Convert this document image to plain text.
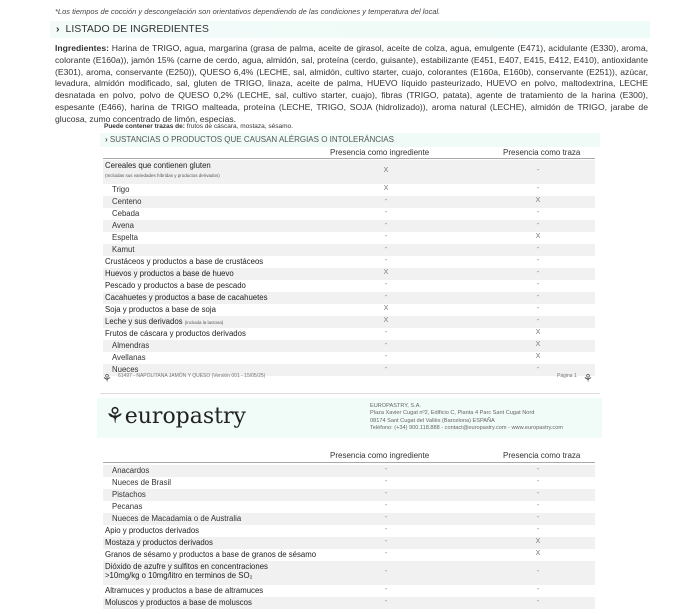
*Los tiempos de cocción y descongelación son orientativos dependiendo de las condiciones y temperatura del local.
› LISTADO DE INGREDIENTES
Ingredientes: Harina de TRIGO, agua, margarina (grasa de palma, aceite de girasol, aceite de colza, agua, emulgente (E471), acidulante (E330), aroma, colorante (E160a)), jamón 15% (carne de cerdo, agua, almidón, sal, proteína (cerdo, guisante), estabilizante (E451, E407, E415, E412, E410), antioxidante (E301), aroma, conservante (E250)), QUESO 6,4% (LECHE, sal, almidón, cultivo starter, cuajo, colorantes (E160a, E160b), conservante (E251)), azúcar, levadura, almidón modificado, sal, gluten de TRIGO, linaza, aceite de palma, HUEVO líquido pasteurizado, HUEVO en polvo, maltodextrina, LECHE desnatada en polvo, polvo de QUESO 0,2% (LECHE, sal, cultivo starter, cuajo), fibras (TRIGO, patata), agente de tratamiento de la harina (E300), espesante (E466), harina de TRIGO malteada, proteína (LECHE, TRIGO, SOJA (hidrolizado)), aroma natural (LECHE), almidón de TRIGO, jarabe de glucosa, zumo concentrado de limón, especias.
Puede contener trazas de: frutos de cáscara, mostaza, sésamo.
› SUSTANCIAS O PRODUCTOS QUE CAUSAN ALÉRGIAS O INTOLERÁNCIAS
Presencia como ingrediente	Presencia como traza
Cereales que contienen gluten
(Incluidas sus variedades híbridas y productos derivados)
X	-
Trigo	X	-
Centeno	-	X
Cebada	-	-
Avena	-	-
Espelta	-	X
Kamut	-	-
Crustáceos y productos a base de crustáceos	-	-
Huevos y productos a base de huevo	X	-
Pescado y productos a base de pescado	-	-
Cacahuetes y productos a base de cacahuetes	-	-
Soja y productos a base de soja	X	-
Leche y sus derivados (incluida la lactosa)	X	-
Frutos de cáscara y productos derivados	-	X
Almendras	-	X
Avellanas	-	X
Nueces	-	-
⚘ 61497 - NAPOLITANA JAMÓN Y QUESO (Versión 001 - 15/05/25)	Página 1 ⚘
⚘europastry	EUROPASTRY, S.A.
Plaza Xavier Cugat nº2, Edificio C, Planta 4 Parc Sant Cugat Nord
08174 Sant Cugat del Vallès (Barcelona) ESPAÑA
Teléfono: (+34) 900.118.888 - contact@europastry.com - www.europastry.com
Presencia como ingrediente	Presencia como traza
Anacardos	-	-
Nueces de Brasil	-	-
Pistachos	-	-
Pecanas	-	-
Nueces de Macadamia o de Australia	-	-
Apio y productos derivados	-	-
Mostaza y productos derivados	-	X
Granos de sésamo y productos a base de granos de sésamo	-	X
Dióxido de azufre y sulfitos en concentraciones
>10mg/kg o 10mg/litro en terminos de SO₂	-	-
Altramuces y productos a base de altramuces	-	-
Moluscos y productos a base de moluscos	-	-
